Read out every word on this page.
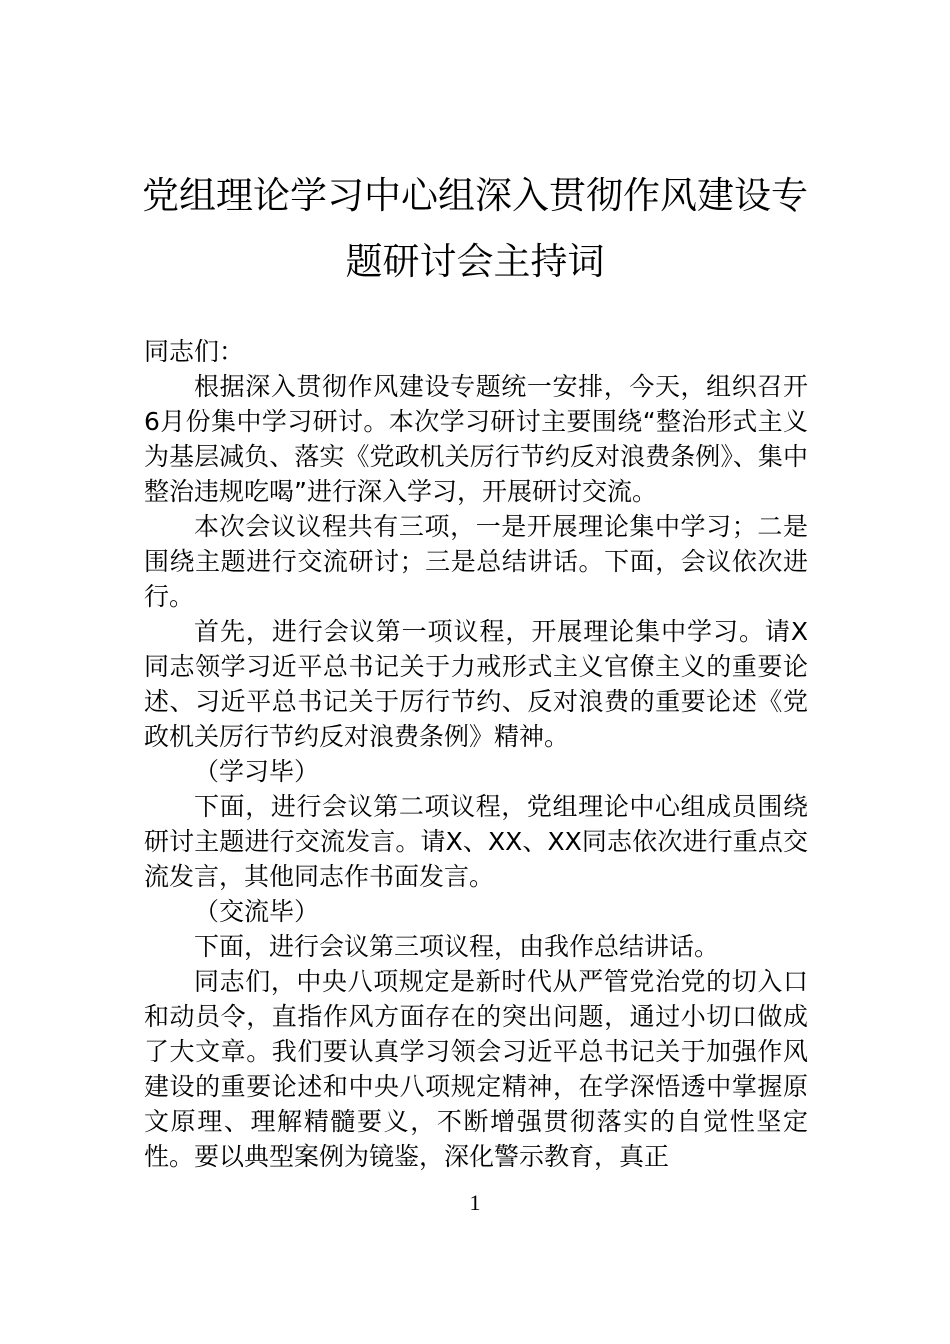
党组理论学习中心组深入贯彻作风建设专
题研讨会主持词

同志们：

根据深入贯彻作风建设专题统一安排，今天，组织召开6月份集中学习研讨。本次学习研讨主要围绕“整治形式主义为基层减负、落实《党政机关厉行节约反对浪费条例》、集中整治违规吃喝”进行深入学习，开展研讨交流。

本次会议议程共有三项，一是开展理论集中学习；二是围绕主题进行交流研讨；三是总结讲话。下面，会议依次进行。

首先，进行会议第一项议程，开展理论集中学习。请X同志领学习近平总书记关于力戒形式主义官僚主义的重要论述、习近平总书记关于厉行节约、反对浪费的重要论述《党政机关厉行节约反对浪费条例》精神。

（学习毕）

下面，进行会议第二项议程，党组理论中心组成员围绕研讨主题进行交流发言。请X、XX、XX同志依次进行重点交流发言，其他同志作书面发言。

（交流毕）

下面，进行会议第三项议程，由我作总结讲话。

同志们，中央八项规定是新时代从严管党治党的切入口和动员令，直指作风方面存在的突出问题，通过小切口做成了大文章。我们要认真学习领会习近平总书记关于加强作风建设的重要论述和中央八项规定精神，在学深悟透中掌握原文原理、理解精髓要义，不断增强贯彻落实的自觉性坚定性。要以典型案例为镜鉴，深化警示教育，真正

1
